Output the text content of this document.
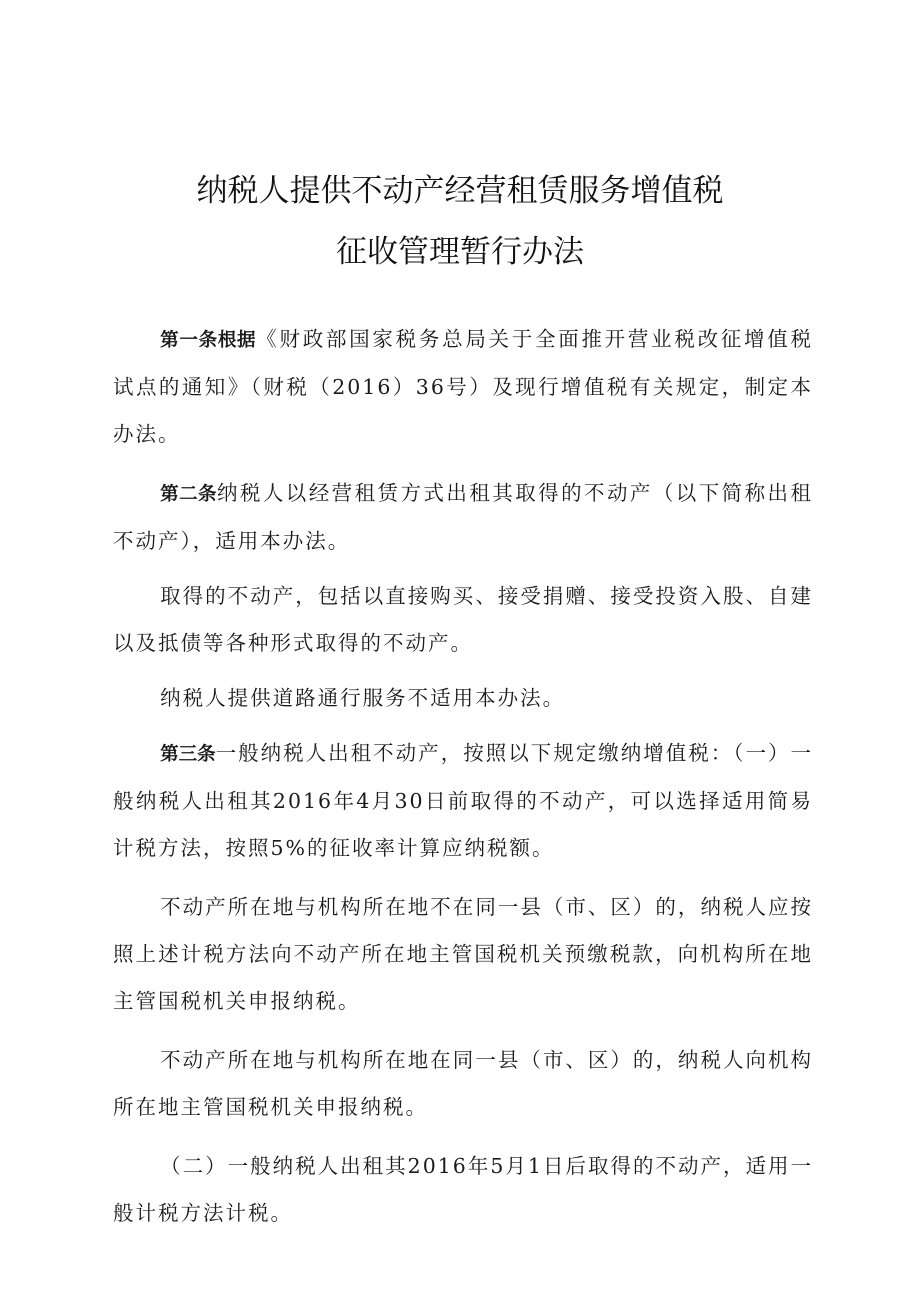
纳税人提供不动产经营租赁服务增值税
征收管理暂行办法

第一条根据《财政部国家税务总局关于全面推开营业税改征增值税试点的通知》（财税（2016）36号）及现行增值税有关规定，制定本办法。

第二条纳税人以经营租赁方式出租其取得的不动产（以下简称出租不动产），适用本办法。

取得的不动产，包括以直接购买、接受捐赠、接受投资入股、自建以及抵债等各种形式取得的不动产。

纳税人提供道路通行服务不适用本办法。

第三条一般纳税人出租不动产，按照以下规定缴纳增值税：（一）一般纳税人出租其2016年4月30日前取得的不动产，可以选择适用简易计税方法，按照5%的征收率计算应纳税额。

不动产所在地与机构所在地不在同一县（市、区）的，纳税人应按照上述计税方法向不动产所在地主管国税机关预缴税款，向机构所在地主管国税机关申报纳税。

不动产所在地与机构所在地在同一县（市、区）的，纳税人向机构所在地主管国税机关申报纳税。

（二）一般纳税人出租其2016年5月1日后取得的不动产，适用一般计税方法计税。
